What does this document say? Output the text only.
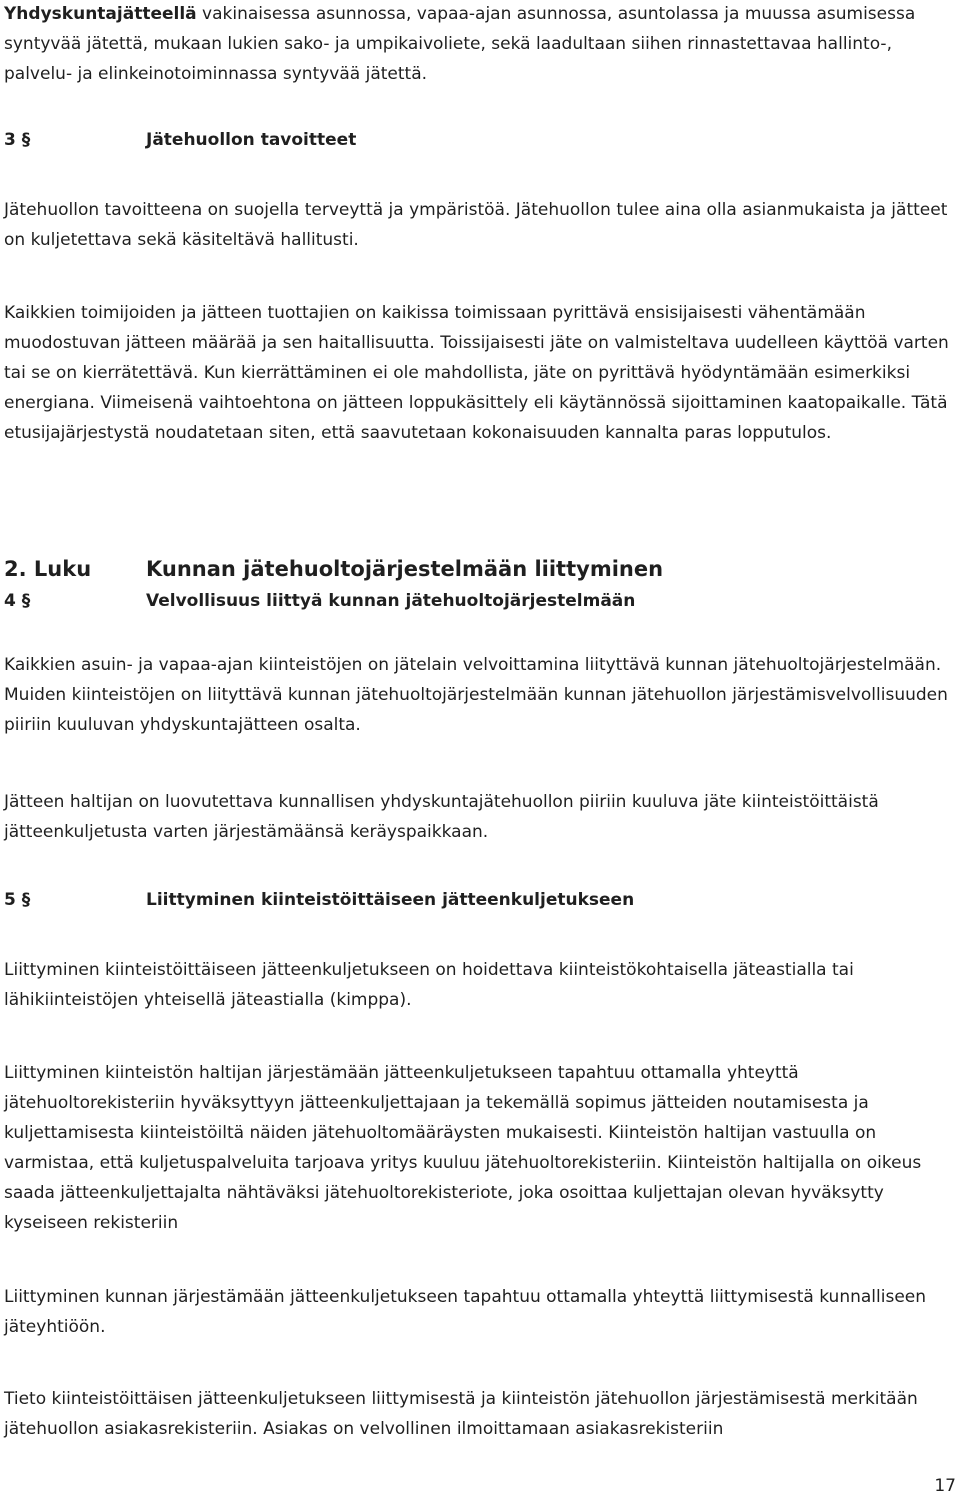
Yhdyskuntajätteellä vakinaisessa asunnossa, vapaa-ajan asunnossa, asuntolassa ja muussa asumisessa syntyvää jätettä, mukaan lukien sako- ja umpikaivoliete, sekä laadultaan siihen rinnastettavaa hallinto-, palvelu- ja elinkeinotoiminnassa syntyvää jätettä.

3 §	Jätehuollon tavoitteet

Jätehuollon tavoitteena on suojella terveyttä ja ympäristöä. Jätehuollon tulee aina olla asianmukaista ja jätteet on kuljetettava sekä käsiteltävä hallitusti.

Kaikkien toimijoiden ja jätteen tuottajien on kaikissa toimissaan pyrittävä ensisijaisesti vähentämään muodostuvan jätteen määrää ja sen haitallisuutta. Toissijaisesti jäte on valmisteltava uudelleen käyttöä varten tai se on kierrätettävä. Kun kierrättäminen ei ole mahdollista, jäte on pyrittävä hyödyntämään esimerkiksi energiana. Viimeisenä vaihtoehtona on jätteen loppukäsittely eli käytännössä sijoittaminen kaatopaikalle. Tätä etusijajärjestystä noudatetaan siten, että saavutetaan kokonaisuuden kannalta paras lopputulos.

2. Luku	Kunnan jätehuoltojärjestelmään liittyminen
4 §	Velvollisuus liittyä kunnan jätehuoltojärjestelmään

Kaikkien asuin- ja vapaa-ajan kiinteistöjen on jätelain velvoittamina liityttävä kunnan jätehuoltojärjestelmään. Muiden kiinteistöjen on liityttävä kunnan jätehuoltojärjestelmään kunnan jätehuollon järjestämisvelvollisuuden piiriin kuuluvan yhdyskuntajätteen osalta.

Jätteen haltijan on luovutettava kunnallisen yhdyskuntajätehuollon piiriin kuuluva jäte kiinteistöittäistä jätteenkuljetusta varten järjestämäänsä keräyspaikkaan.

5 §	Liittyminen kiinteistöittäiseen jätteenkuljetukseen

Liittyminen kiinteistöittäiseen jätteenkuljetukseen on hoidettava kiinteistökohtaisella jäteastialla tai lähikiinteistöjen yhteisellä jäteastialla (kimppa).

Liittyminen kiinteistön haltijan järjestämään jätteenkuljetukseen tapahtuu ottamalla yhteyttä jätehuoltorekisteriin hyväksyttyyn jätteenkuljettajaan ja tekemällä sopimus jätteiden noutamisesta ja kuljettamisesta kiinteistöiltä näiden jätehuoltomääräysten mukaisesti. Kiinteistön haltijan vastuulla on varmistaa, että kuljetuspalveluita tarjoava yritys kuuluu jätehuoltorekisteriin. Kiinteistön haltijalla on oikeus saada jätteenkuljettajalta nähtäväksi jätehuoltorekisteriote, joka osoittaa kuljettajan olevan hyväksytty kyseiseen rekisteriin

Liittyminen kunnan järjestämään jätteenkuljetukseen tapahtuu ottamalla yhteyttä liittymisestä kunnalliseen jäteyhtiöön.

Tieto kiinteistöittäisen jätteenkuljetukseen liittymisestä ja kiinteistön jätehuollon järjestämisestä merkitään jätehuollon asiakasrekisteriin. Asiakas on velvollinen ilmoittamaan asiakasrekisteriin

17
